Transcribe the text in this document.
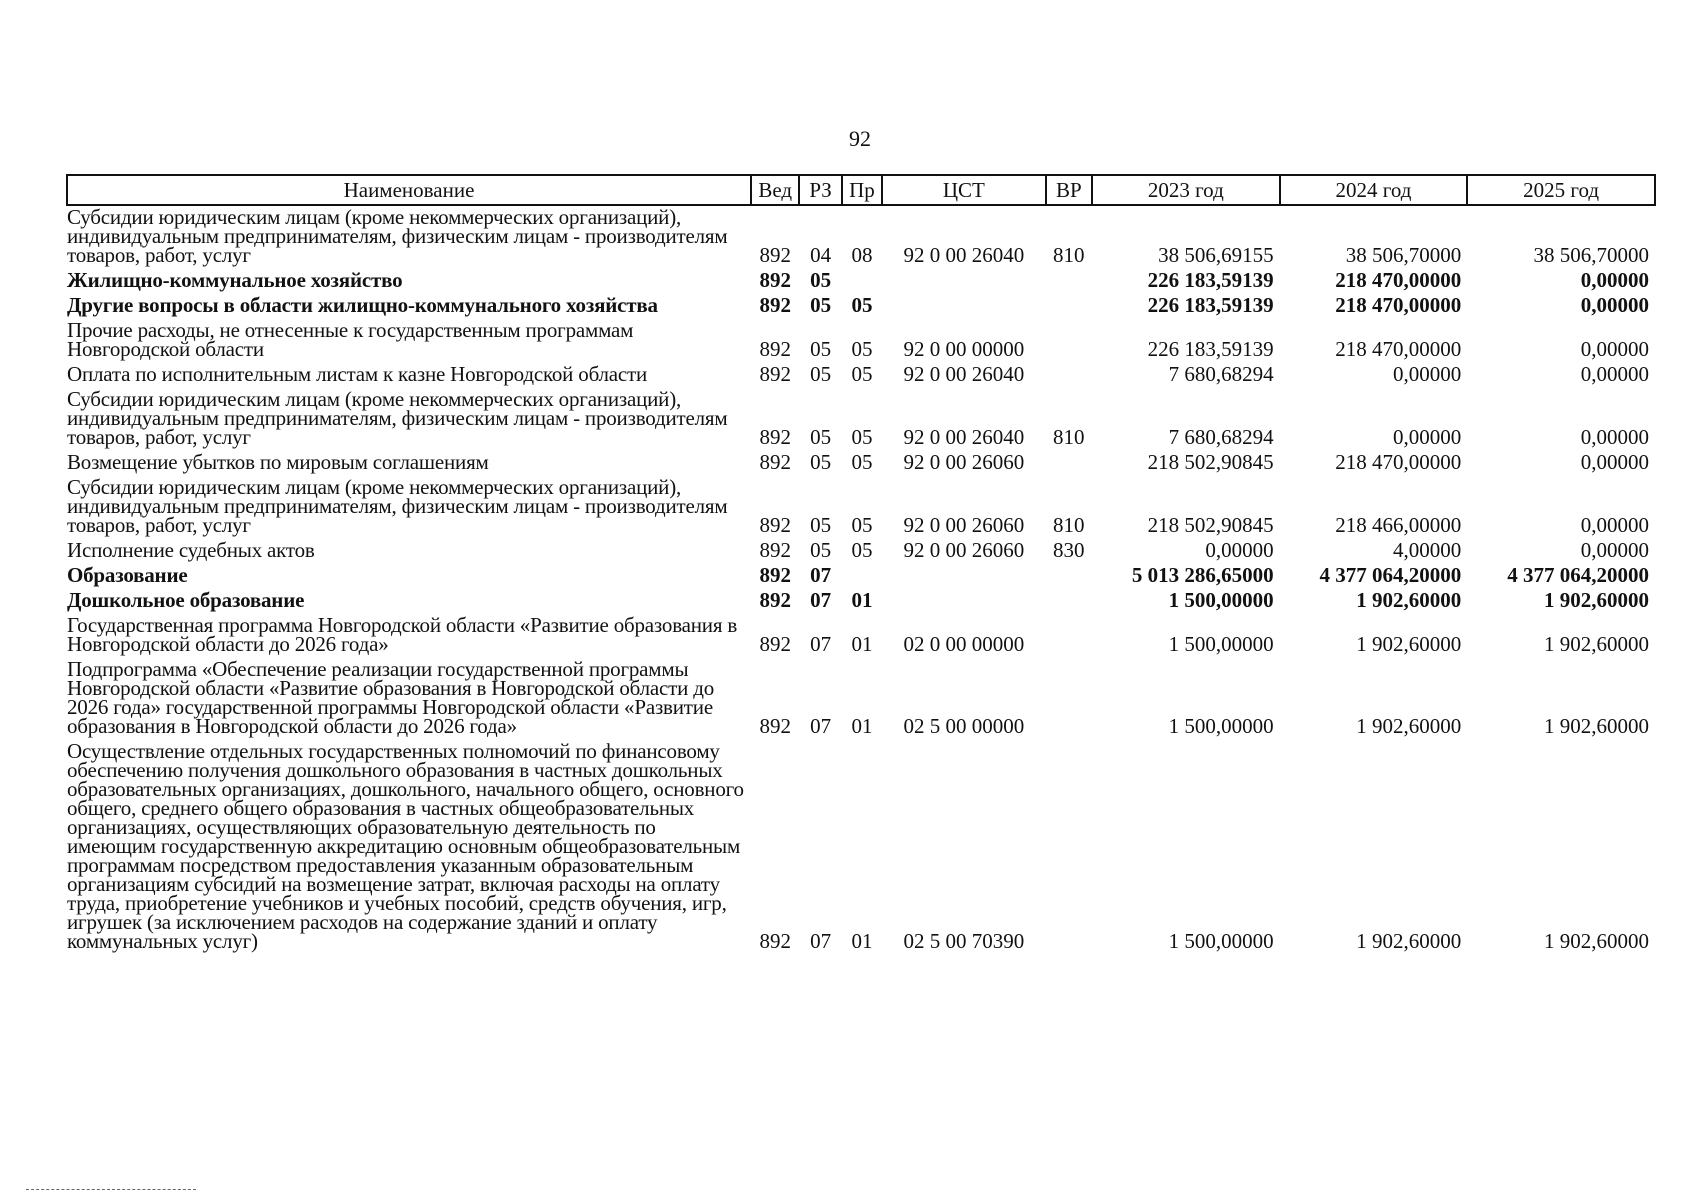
92
Наименование	Вед	РЗ	Пр	ЦСТ	ВР	2023 год	2024 год	2025 год
Субсидии юридическим лицам (кроме некоммерческих организаций), индивидуальным предпринимателям, физическим лицам - производителям товаров, работ, услуг	892	04	08	92 0 00 26040	810	38 506,69155	38 506,70000	38 506,70000
Жилищно-коммунальное хозяйство	892	05				226 183,59139	218 470,00000	0,00000
Другие вопросы в области жилищно-коммунального хозяйства	892	05	05			226 183,59139	218 470,00000	0,00000
Прочие расходы, не отнесенные к государственным программам Новгородской области	892	05	05	92 0 00 00000		226 183,59139	218 470,00000	0,00000
Оплата по исполнительным листам к казне Новгородской области	892	05	05	92 0 00 26040		7 680,68294	0,00000	0,00000
Субсидии юридическим лицам (кроме некоммерческих организаций), индивидуальным предпринимателям, физическим лицам - производителям товаров, работ, услуг	892	05	05	92 0 00 26040	810	7 680,68294	0,00000	0,00000
Возмещение убытков по мировым соглашениям	892	05	05	92 0 00 26060		218 502,90845	218 470,00000	0,00000
Субсидии юридическим лицам (кроме некоммерческих организаций), индивидуальным предпринимателям, физическим лицам - производителям товаров, работ, услуг	892	05	05	92 0 00 26060	810	218 502,90845	218 466,00000	0,00000
Исполнение судебных актов	892	05	05	92 0 00 26060	830	0,00000	4,00000	0,00000
Образование	892	07				5 013 286,65000	4 377 064,20000	4 377 064,20000
Дошкольное образование	892	07	01			1 500,00000	1 902,60000	1 902,60000
Государственная программа Новгородской области «Развитие образования в Новгородской области до 2026 года»	892	07	01	02 0 00 00000		1 500,00000	1 902,60000	1 902,60000
Подпрограмма «Обеспечение реализации государственной программы Новгородской области «Развитие образования в Новгородской области до 2026 года» государственной программы Новгородской области «Развитие образования в Новгородской области до 2026 года»	892	07	01	02 5 00 00000		1 500,00000	1 902,60000	1 902,60000
Осуществление отдельных государственных полномочий по финансовому обеспечению получения дошкольного образования в частных дошкольных образовательных организациях, дошкольного, начального общего, основного общего, среднего общего образования в частных общеобразовательных организациях, осуществляющих образовательную деятельность по имеющим государственную аккредитацию основным общеобразовательным программам посредством предоставления указанным образовательным организациям субсидий на возмещение затрат, включая расходы на оплату труда, приобретение учебников и учебных пособий, средств обучения, игр, игрушек (за исключением расходов на содержание зданий и оплату коммунальных услуг)	892	07	01	02 5 00 70390		1 500,00000	1 902,60000	1 902,60000
